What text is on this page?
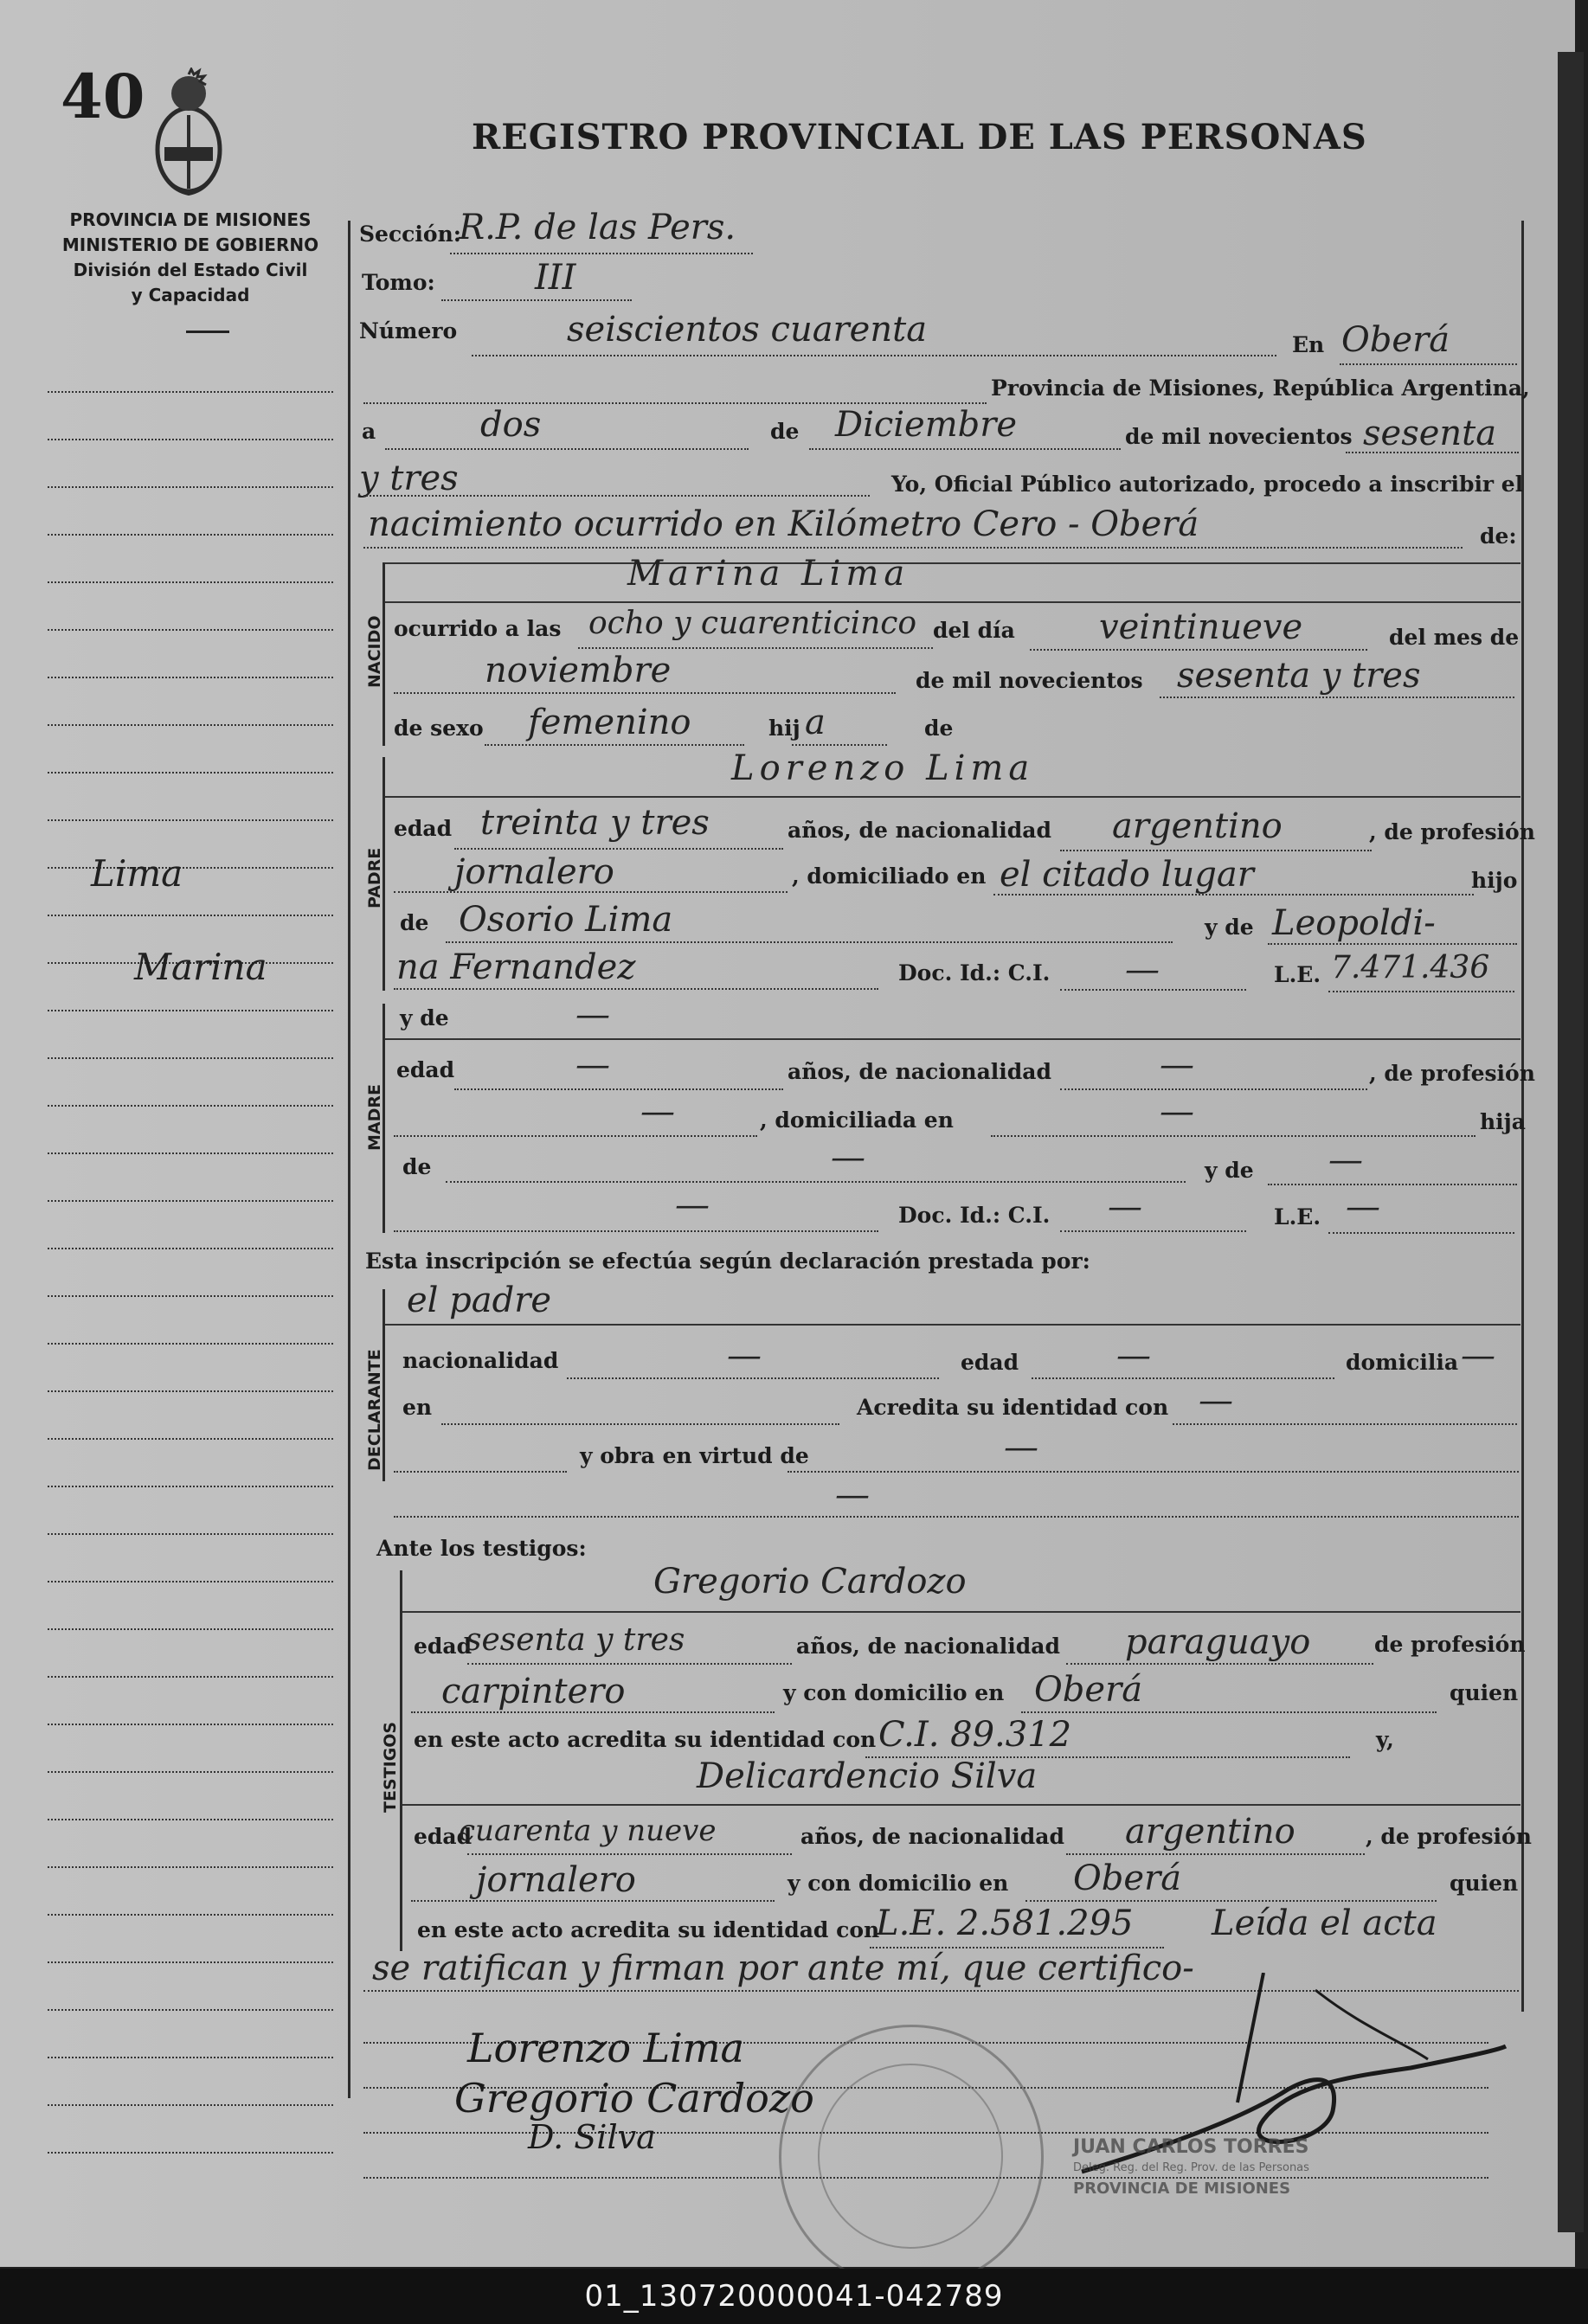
40
PROVINCIA DE MISIONES
MINISTERIO DE GOBIERNO
División del Estado Civil
y Capacidad
REGISTRO PROVINCIAL DE LAS PERSONAS
Lima
Marina
Sección:
R.P. de las Pers.
Tomo:	III
Número	seiscientos cuarenta	En Oberá
Provincia de Misiones, República Argentina,
a	dos	de Diciembre	de mil novecientos sesenta
y tres	Yo, Oficial Público autorizado, procedo a inscribir el
nacimiento ocurrido en Kilómetro Cero - Oberá	de:
NACIDO
Marina Lima
ocurrido a las ocho y cuarenticinco del día veintinueve	del mes de
noviembre	de mil novecientos sesenta y tres
de sexo femenino	hij a	de
PADRE
Lorenzo Lima
edad treinta y tres	años, de nacionalidad argentino	, de profesión
jornalero	, domiciliado en el citado lugar	hijo
de Osorio Lima	y de Leopoldi-
na Fernandez	Doc. Id.: C.I. —	L.E. 7.471.436
MADRE
y de	—
edad	—	años, de nacionalidad	—	, de profesión
—	, domiciliada en	—	hija
de	—	y de —
—	Doc. Id.: C.I. —	L.E. —
Esta inscripción se efectúa según declaración prestada por:
DECLARANTE
el padre
nacionalidad	—	edad	—	domicilia —
en	Acredita su identidad con —
y obra en virtud de	—
—
Ante los testigos:
TESTIGOS
Gregorio Cardozo
edad
sesenta y tres	años, de nacionalidad paraguayo	de profesión
carpintero	y con domicilio en Oberá	quien
en este acto acredita su identidad con C.I. 89.312	y,
Delicardencio Silva
edad
cuarenta y nueve	años, de nacionalidad argentino	, de profesión
jornalero	y con domicilio en Oberá	quien
en este acto acredita su identidad con
L.E. 2.581.295 Leída el acta
se ratifican y firman por ante mí, que certifico-
Lorenzo Lima
Gregorio Cardozo
D. Silva	JUAN CARLOS TORRES
Deleg. Reg. del Reg. Prov. de las Personas
PROVINCIA DE MISIONES
01_130720000041-042789
